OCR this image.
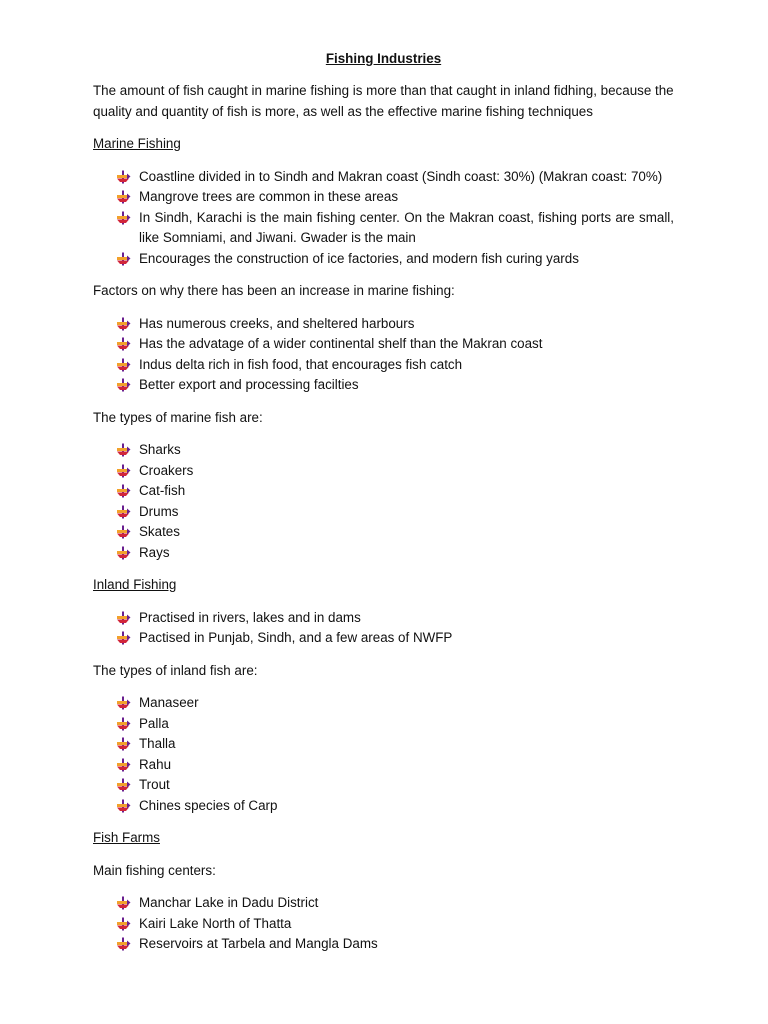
Fishing Industries

The amount of fish caught in marine fishing is more than that caught in inland fidhing, because the quality and quantity of fish is more, as well as the effective marine fishing techniques

Marine Fishing
Coastline divided in to Sindh and Makran coast (Sindh coast: 30%) (Makran coast: 70%)
Mangrove trees are common in these areas
In Sindh, Karachi is the main fishing center. On the Makran coast, fishing ports are small, like Somniami, and Jiwani. Gwader is the main
Encourages the construction of ice factories, and modern fish curing yards

Factors on why there has been an increase in marine fishing:

Has numerous creeks, and sheltered harbours
Has the advatage of a wider continental shelf than the Makran coast
Indus delta rich in fish food, that encourages fish catch
Better export and processing facilties

The types of marine fish are:

Sharks
Croakers
Cat-fish
Drums
Skates
Rays
Inland Fishing
Practised in rivers, lakes and in dams
Pactised in Punjab, Sindh, and a few areas of NWFP

The types of inland fish are:

Manaseer
Palla
Thalla
Rahu
Trout
Chines species of Carp
Fish Farms

Main fishing centers:

Manchar Lake in Dadu District
Kairi Lake North of Thatta
Reservoirs at Tarbela and Mangla Dams
